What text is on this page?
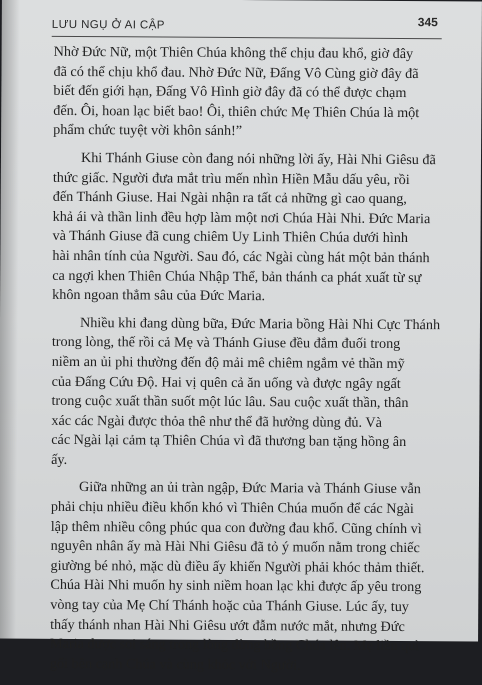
LƯU NGỤ Ở AI CẬP	345

Nhờ Đức Nữ, một Thiên Chúa không thể chịu đau khổ, giờ đây
đã có thể chịu khổ đau. Nhờ Đức Nữ, Đấng Vô Cùng giờ đây đã
biết đến giới hạn, Đấng Vô Hình giờ đây đã có thể được chạm
đến. Ôi, hoan lạc biết bao! Ôi, thiên chức Mẹ Thiên Chúa là một
phẩm chức tuyệt vời khôn sánh!”

Khi Thánh Giuse còn đang nói những lời ấy, Hài Nhi Giêsu đã
thức giấc. Người đưa mắt trìu mến nhìn Hiền Mẫu dấu yêu, rồi
đến Thánh Giuse. Hai Ngài nhận ra tất cả những gì cao quang,
khả ái và thần linh đều hợp làm một nơi Chúa Hài Nhi. Đức Maria
và Thánh Giuse đã cung chiêm Uy Linh Thiên Chúa dưới hình
hài nhân tính của Người. Sau đó, các Ngài cùng hát một bản thánh
ca ngợi khen Thiên Chúa Nhập Thể, bản thánh ca phát xuất từ sự
khôn ngoan thẳm sâu của Đức Maria.

Nhiều khi đang dùng bữa, Đức Maria bồng Hài Nhi Cực Thánh
trong lòng, thế rồi cả Mẹ và Thánh Giuse đều đắm đuối trong
niềm an ủi phi thường đến độ mải mê chiêm ngắm vẻ thần mỹ
của Đấng Cứu Độ. Hai vị quên cả ăn uống và được ngây ngất
trong cuộc xuất thần suốt một lúc lâu. Sau cuộc xuất thần, thân
xác các Ngài được thỏa thê như thể đã hưởng dùng đủ. Và
các Ngài lại cảm tạ Thiên Chúa vì đã thương ban tặng hồng ân
ấy.

Giữa những an ủi tràn ngập, Đức Maria và Thánh Giuse vẫn
phải chịu nhiều điều khốn khó vì Thiên Chúa muốn để các Ngài
lập thêm nhiều công phúc qua con đường đau khổ. Cũng chính vì
nguyên nhân ấy mà Hài Nhi Giêsu đã tỏ ý muốn nằm trong chiếc
giường bé nhỏ, mặc dù điều ấy khiến Người phải khóc thảm thiết.
Chúa Hài Nhi muốn hy sinh niềm hoan lạc khi được ấp yêu trong
vòng tay của Mẹ Chí Thánh hoặc của Thánh Giuse. Lúc ấy, tuy
thấy thánh nhan Hài Nhi Giêsu ướt đẫm nước mắt, nhưng Đức
Maria được soi sáng trong lòng đừng bồng Chúa lên. Mẹ liền quì
gối bên cạnh Chúa và cùng khóc với Người.
